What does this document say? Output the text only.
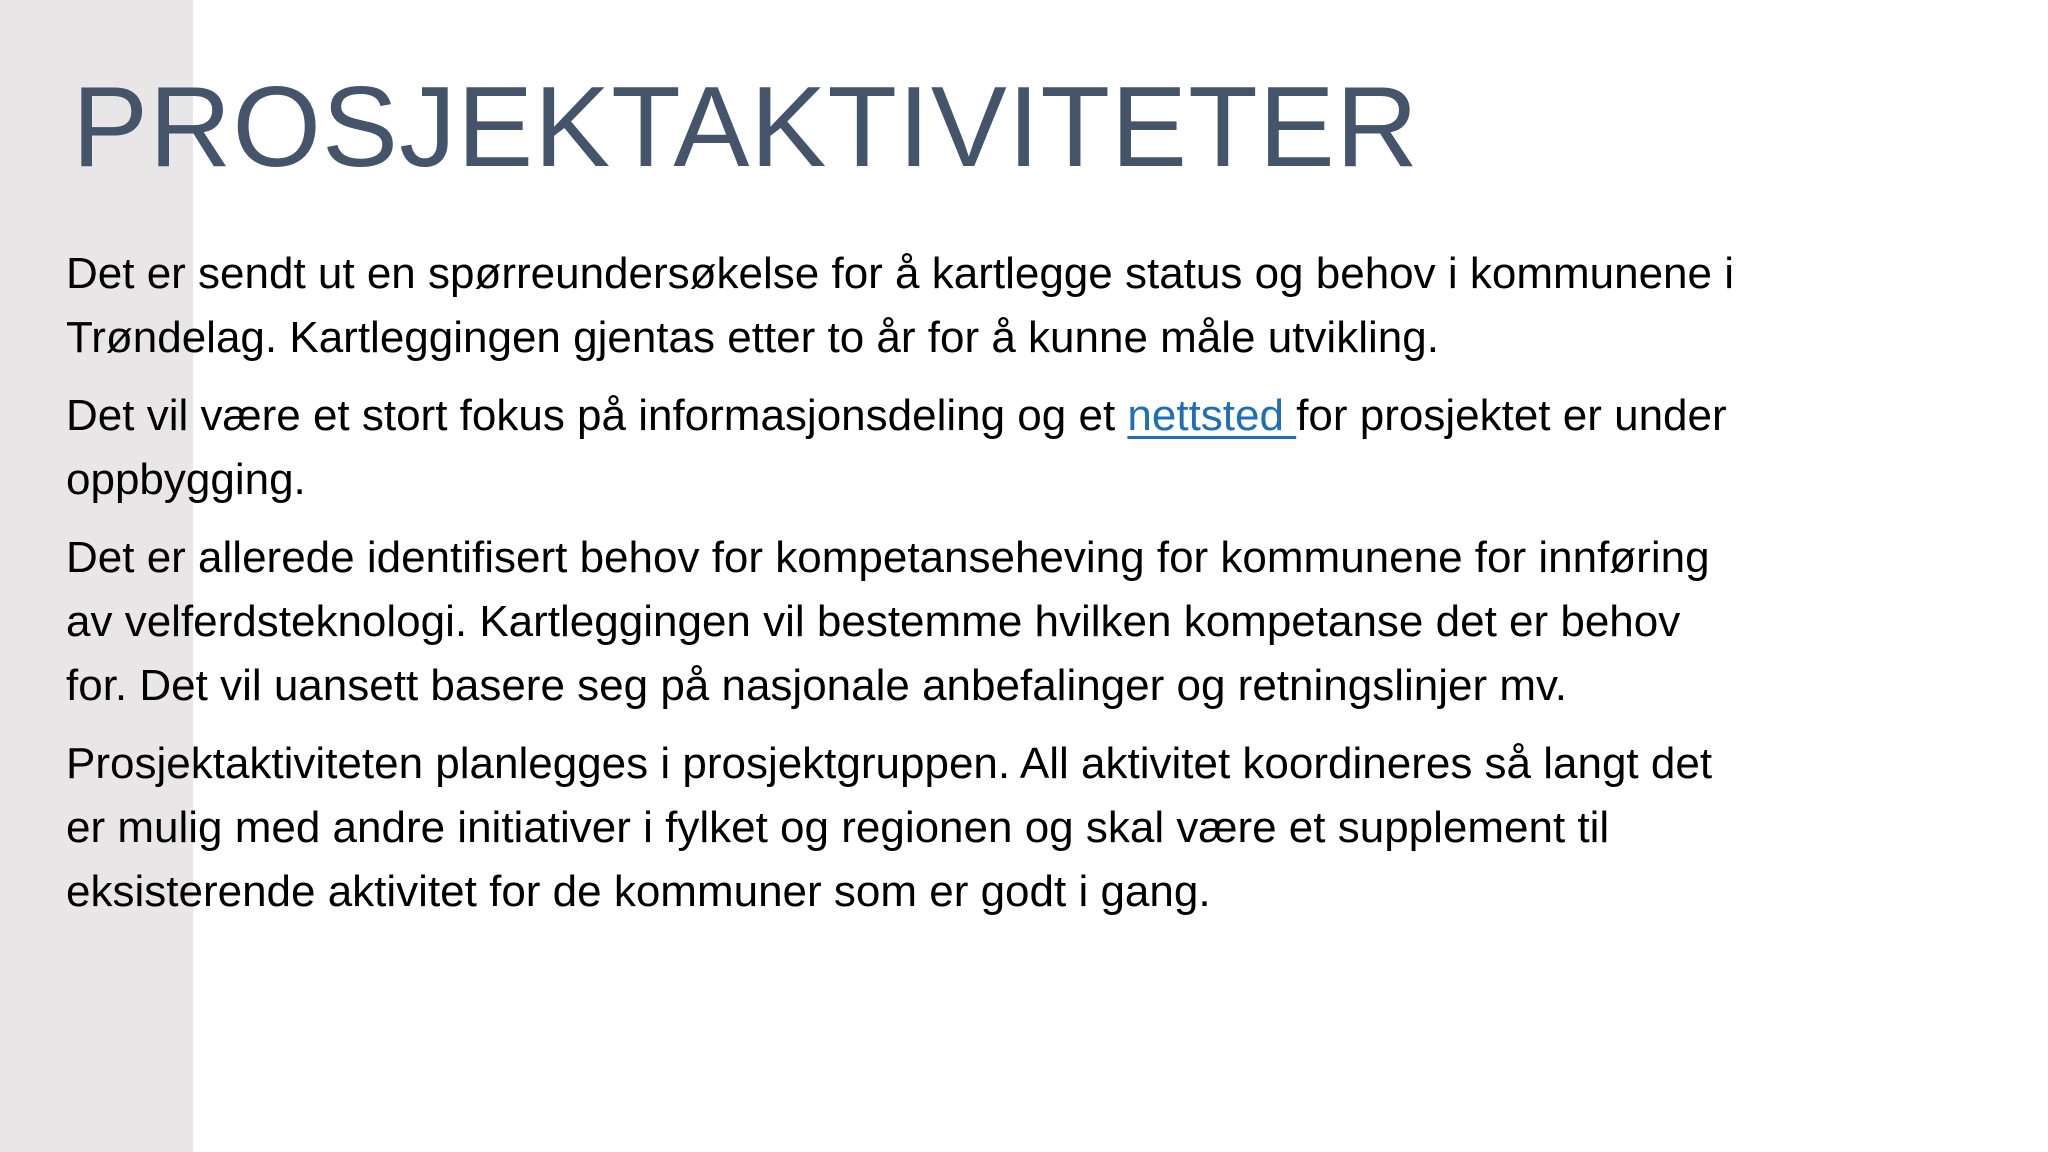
PROSJEKTAKTIVITETER

Det er sendt ut en spørreundersøkelse for å kartlegge status og behov i kommunene i
Trøndelag. Kartleggingen gjentas etter to år for å kunne måle utvikling.

Det vil være et stort fokus på informasjonsdeling og et nettsted for prosjektet er under
oppbygging.

Det er allerede identifisert behov for kompetanseheving for kommunene for innføring
av velferdsteknologi. Kartleggingen vil bestemme hvilken kompetanse det er behov
for. Det vil uansett basere seg på nasjonale anbefalinger og retningslinjer mv.

Prosjektaktiviteten planlegges i prosjektgruppen. All aktivitet koordineres så langt det
er mulig med andre initiativer i fylket og regionen og skal være et supplement til
eksisterende aktivitet for de kommuner som er godt i gang.
